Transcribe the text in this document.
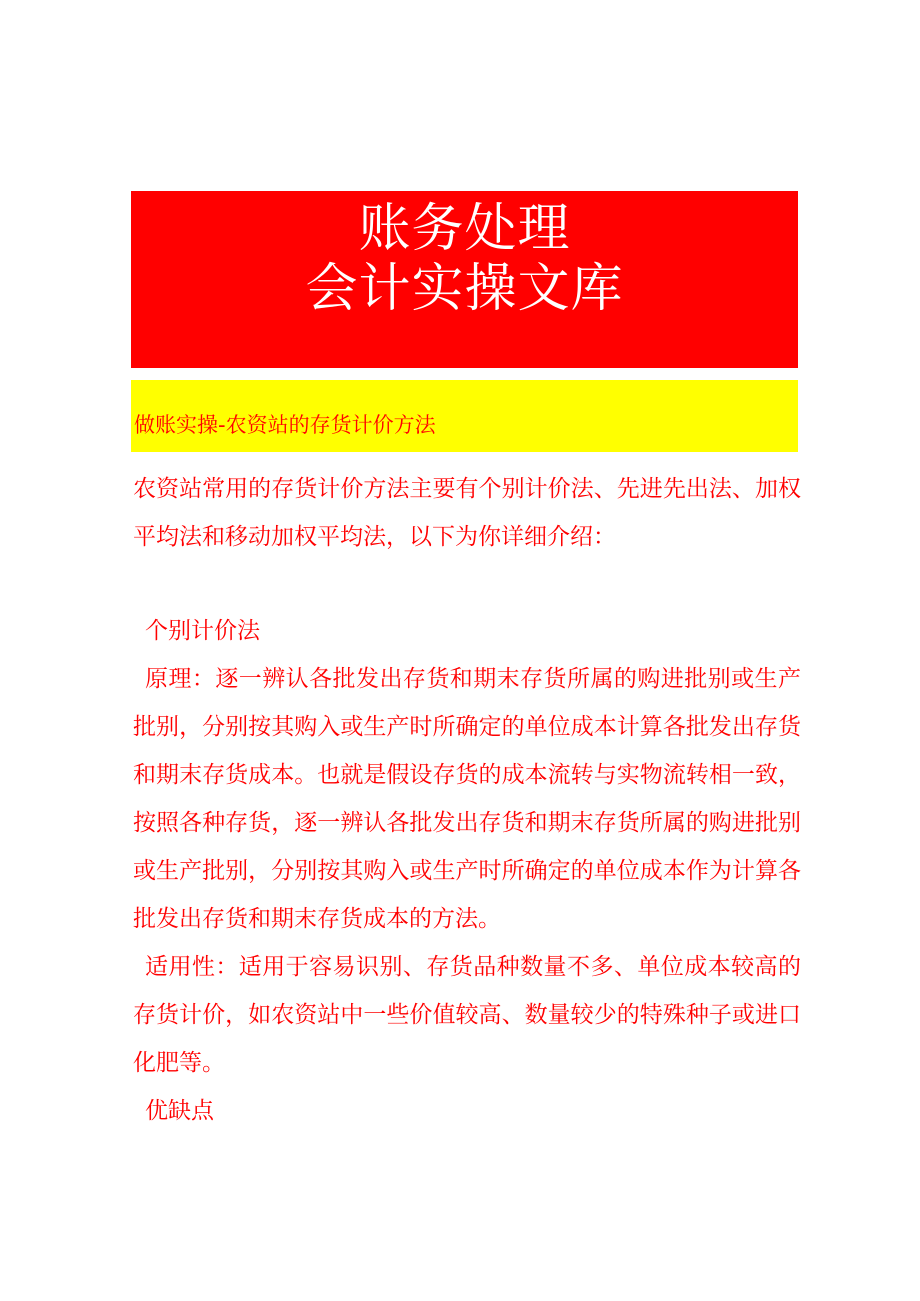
账务处理
会计实操文库
做账实操-农资站的存货计价方法

农资站常用的存货计价方法主要有个别计价法、先进先出法、加权平均法和移动加权平均法，以下为你详细介绍：

个别计价法

原理：逐一辨认各批发出存货和期末存货所属的购进批别或生产批别，分别按其购入或生产时所确定的单位成本计算各批发出存货和期末存货成本。也就是假设存货的成本流转与实物流转相一致，按照各种存货，逐一辨认各批发出存货和期末存货所属的购进批别或生产批别，分别按其购入或生产时所确定的单位成本作为计算各批发出存货和期末存货成本的方法。

适用性：适用于容易识别、存货品种数量不多、单位成本较高的存货计价，如农资站中一些价值较高、数量较少的特殊种子或进口化肥等。

优缺点
